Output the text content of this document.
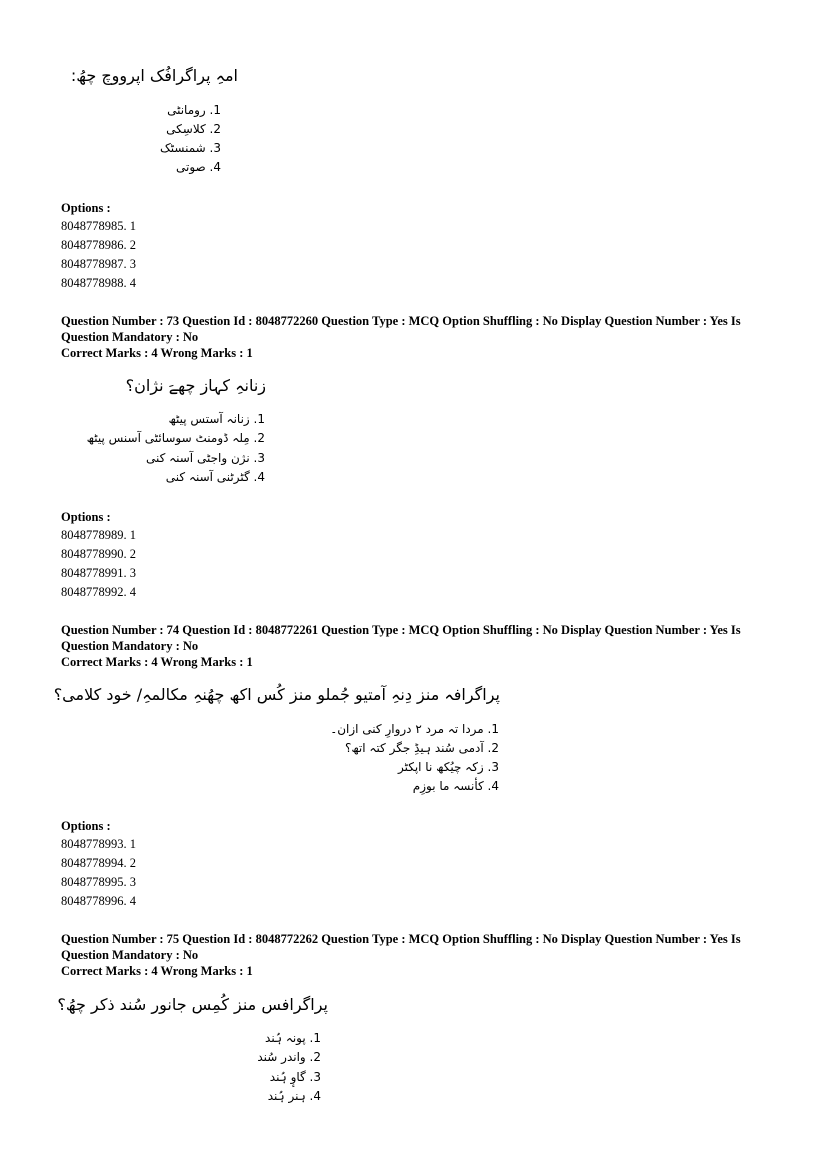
امہِ پراگرافُک اپرووچ چھُ:
1. رومانٹی
2. کلاسِکی
3. شمنسٹک
4. صوتی
Options :
8048778985. 1
8048778986. 2
8048778987. 3
8048778988. 4
Question Number : 73 Question Id : 8048772260 Question Type : MCQ Option Shuffling : No Display Question Number : Yes Is
Question Mandatory : No
Correct Marks : 4 Wrong Marks : 1
زنانہِ کہاز چھےَ نژان؟
1. زنانہ آستس پیٹھ
2. مِلہ ڈومنٹ سوسائٹی آسنس پیٹھ
3. نژن واجٹی آسنہ کنی
4. گٹرٹنی آسنہ کنی
Options :
8048778989. 1
8048778990. 2
8048778991. 3
8048778992. 4
Question Number : 74 Question Id : 8048772261 Question Type : MCQ Option Shuffling : No Display Question Number : Yes Is
Question Mandatory : No
Correct Marks : 4 Wrong Marks : 1
پراگرافہ منز دِنہِ آمتیو جُملو منز کُس اکھ چھُنہِ مکالمہِ/ خود کلامی؟
1. مردا تہ مرد ۲ دروارِ کنی ازان۔
2. آدمی سُند ہیڈِ جگر کتہ اتھ؟
3. زکہ چیُکھ نا اپکٹر
4. کأنسہ ما بوزِم
Options :
8048778993. 1
8048778994. 2
8048778995. 3
8048778996. 4
Question Number : 75 Question Id : 8048772262 Question Type : MCQ Option Shuffling : No Display Question Number : Yes Is
Question Mandatory : No
Correct Marks : 4 Wrong Marks : 1
پراگرافس منز کُمِس جانور سُند ذکر چھُ؟
1. پونہ ہُند
2. واندر سُند
3. گاوٕ ہُند
4. ہنر ہُند
